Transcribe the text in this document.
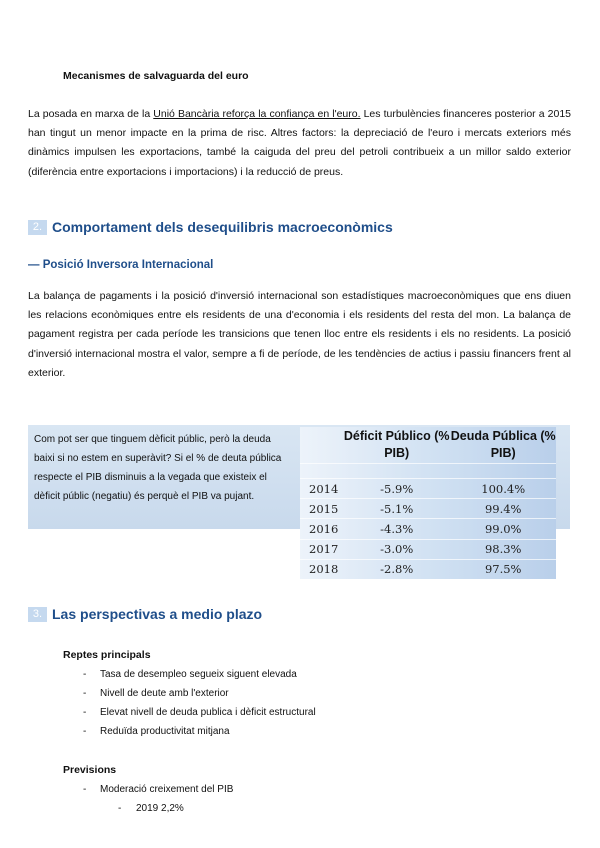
Mecanismes de salvaguarda del euro
La posada en marxa de la Unió Bancària reforça la confiança en l'euro. Les turbulències financeres posterior a 2015 han tingut un menor impacte en la prima de risc. Altres factors: la depreciació de l'euro i mercats exteriors més dinàmics impulsen les exportacions, també la caiguda del preu del petroli contribueix a un millor saldo exterior (diferència entre exportacions i importacions) i la reducció de preus.
2. Comportament dels desequilibris macroeconòmics
— Posició Inversora Internacional
La balança de pagaments i la posició d'inversió internacional son estadístiques macroeconòmiques que ens diuen les relacions econòmiques entre els residents de una d'economia i els residents del resta del mon. La balança de pagament registra per cada període les transicions que tenen lloc entre els residents i els no residents. La posició d'inversió internacional mostra el valor, sempre a fi de període, de les tendències de actius i passiu financers frent al exterior.
Com pot ser que tinguem dèficit públic, però la deuda baixi si no estem en superàvit? Si el % de deuta pública respecte el PIB disminuis a la vegada que existeix el dèficit públic (negatiu) és perquè el PIB va pujant.
	Déficit Público (% PIB)	Deuda Pública (% PIB)

2014	-5.9%	100.4%
2015	-5.1%	99.4%
2016	-4.3%	99.0%
2017	-3.0%	98.3%
2018	-2.8%	97.5%
3. Las perspectivas a medio plazo
Reptes principals
- Tasa de desempleo segueix siguent elevada
- Nivell de deute amb l'exterior
- Elevat nivell de deuda publica i dèficit estructural
- Reduïda productivitat mitjana
Previsions
- Moderació creixement del PIB
- 2019 2,2%
